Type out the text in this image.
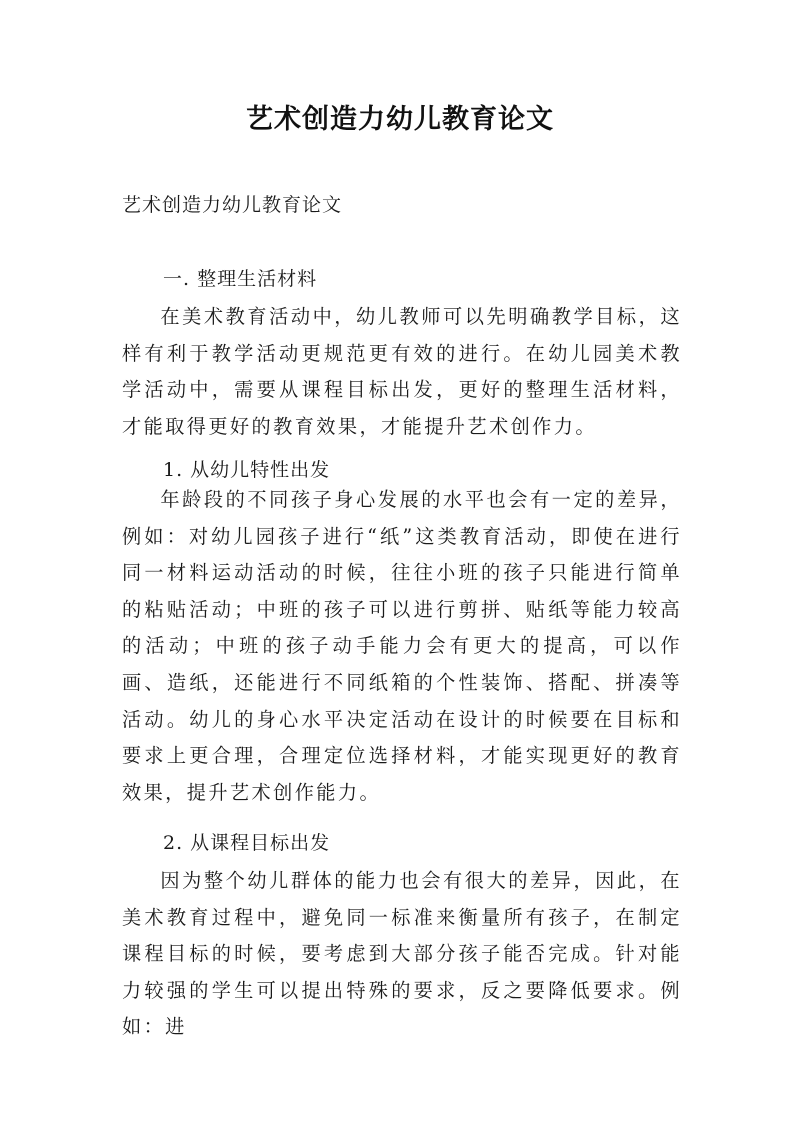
艺术创造力幼儿教育论文
艺术创造力幼儿教育论文
一. 整理生活材料
在美术教育活动中，幼儿教师可以先明确教学目标，这样有利于教学活动更规范更有效的进行。在幼儿园美术教学活动中，需要从课程目标出发，更好的整理生活材料，才能取得更好的教育效果，才能提升艺术创作力。
1. 从幼儿特性出发
年龄段的不同孩子身心发展的水平也会有一定的差异，例如：对幼儿园孩子进行“纸”这类教育活动，即使在进行同一材料运动活动的时候，往往小班的孩子只能进行简单的粘贴活动；中班的孩子可以进行剪拼、贴纸等能力较高的活动；中班的孩子动手能力会有更大的提高，可以作画、造纸，还能进行不同纸箱的个性装饰、搭配、拼凑等活动。幼儿的身心水平决定活动在设计的时候要在目标和要求上更合理，合理定位选择材料，才能实现更好的教育效果，提升艺术创作能力。
2. 从课程目标出发
因为整个幼儿群体的能力也会有很大的差异，因此，在美术教育过程中，避免同一标准来衡量所有孩子，在制定课程目标的时候，要考虑到大部分孩子能否完成。针对能力较强的学生可以提出特殊的要求，反之要降低要求。例如：进
